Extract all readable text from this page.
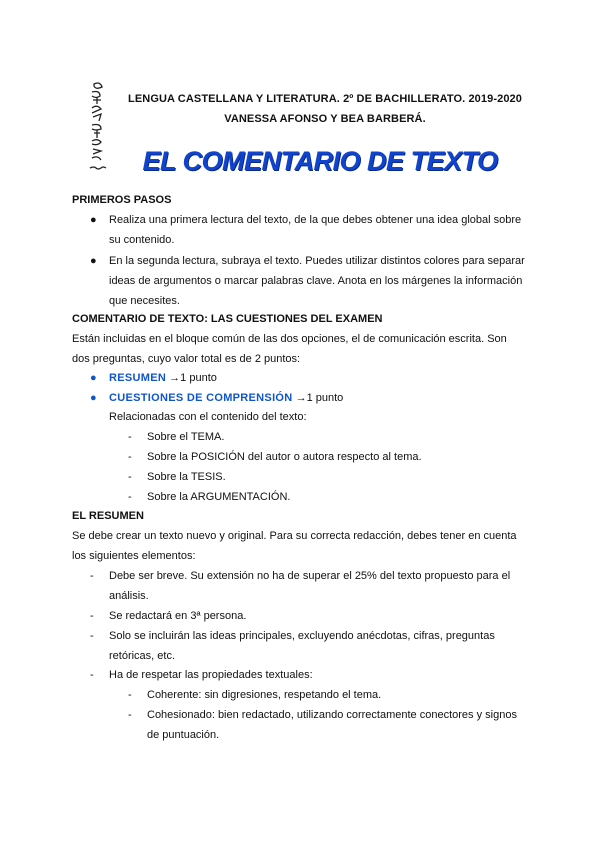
LENGUA CASTELLANA Y LITERATURA. 2º DE BACHILLERATO. 2019-2020
VANESSA AFONSO Y BEA BARBERÁ.
EL COMENTARIO DE TEXTO
PRIMEROS PASOS
●	Realiza una primera lectura del texto, de la que debes obtener una idea global sobre
su contenido.
●	En la segunda lectura, subraya el texto. Puedes utilizar distintos colores para separar
ideas de argumentos o marcar palabras clave. Anota en los márgenes la información
que necesites.
COMENTARIO DE TEXTO: LAS CUESTIONES DEL EXAMEN
Están incluidas en el bloque común de las dos opciones, el de comunicación escrita. Son
dos preguntas, cuyo valor total es de 2 puntos:
●	RESUMEN →1 punto
●	CUESTIONES DE COMPRENSIÓN →1 punto
Relacionadas con el contenido del texto:
- Sobre el TEMA.
- Sobre la POSICIÓN del autor o autora respecto al tema.
- Sobre la TESIS.
- Sobre la ARGUMENTACIÓN.
EL RESUMEN
Se debe crear un texto nuevo y original. Para su correcta redacción, debes tener en cuenta
los siguientes elementos:
- Debe ser breve. Su extensión no ha de superar el 25% del texto propuesto para el
análisis.
- Se redactará en 3ª persona.
- Solo se incluirán las ideas principales, excluyendo anécdotas, cifras, preguntas
retóricas, etc.
- Ha de respetar las propiedades textuales:
- Coherente: sin digresiones, respetando el tema.
- Cohesionado: bien redactado, utilizando correctamente conectores y signos
de puntuación.
